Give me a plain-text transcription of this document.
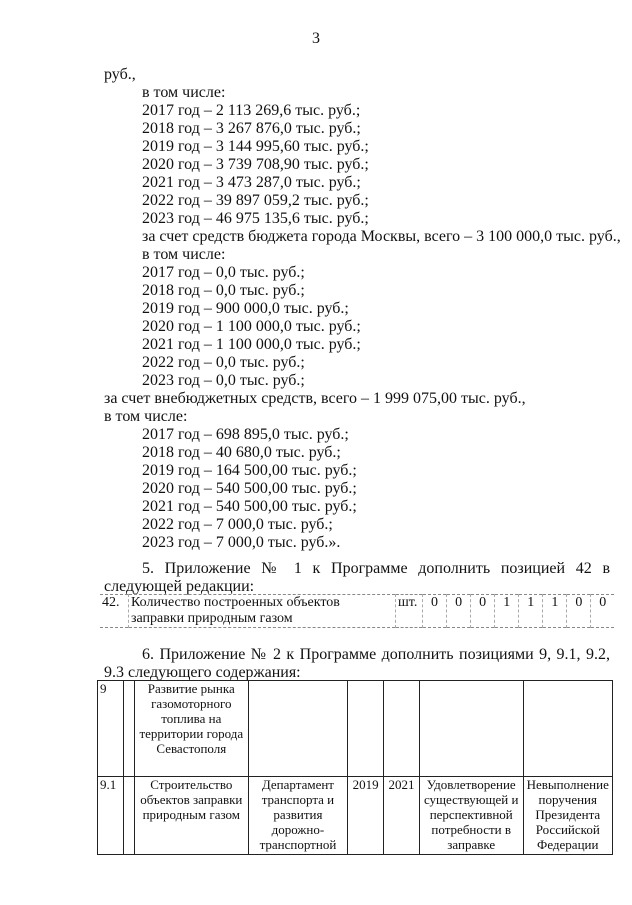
3
руб.,
в том числе:
2017 год – 2 113 269,6 тыс. руб.;
2018 год – 3 267 876,0 тыс. руб.;
2019 год – 3 144 995,60 тыс. руб.;
2020 год – 3 739 708,90 тыс. руб.;
2021 год – 3 473 287,0 тыс. руб.;
2022 год – 39 897 059,2 тыс. руб.;
2023 год – 46 975 135,6 тыс. руб.;
за счет средств бюджета города Москвы, всего – 3 100 000,0 тыс. руб.,
в том числе:
2017 год – 0,0 тыс. руб.;
2018 год – 0,0 тыс. руб.;
2019 год – 900 000,0 тыс. руб.;
2020 год – 1 100 000,0 тыс. руб.;
2021 год – 1 100 000,0 тыс. руб.;
2022 год – 0,0 тыс. руб.;
2023 год – 0,0 тыс. руб.;
за счет внебюджетных средств, всего – 1 999 075,00 тыс. руб.,
в том числе:
2017 год – 698 895,0 тыс. руб.;
2018 год – 40 680,0 тыс. руб.;
2019 год – 164 500,00 тыс. руб.;
2020 год – 540 500,00 тыс. руб.;
2021 год – 540 500,00 тыс. руб.;
2022 год – 7 000,0 тыс. руб.;
2023 год – 7 000,0 тыс. руб.».
5. Приложение № 1 к Программе дополнить позицией 42 в следующей редакции:
42.	Количество построенных объектов заправки природным газом	шт.	0	0	0	1	1	1	0	0
6. Приложение № 2 к Программе дополнить позициями 9, 9.1, 9.2, 9.3 следующего содержания:
9		Развитие рынка газомоторного топлива на территории города Севастополя					
9.1		Строительство объектов заправки природным газом	Департамент транспорта и развития дорожно-транспортной	2019	2021	Удовлетворение существующей и перспективной потребности в заправке	Невыполнение поручения Президента Российской Федерации
